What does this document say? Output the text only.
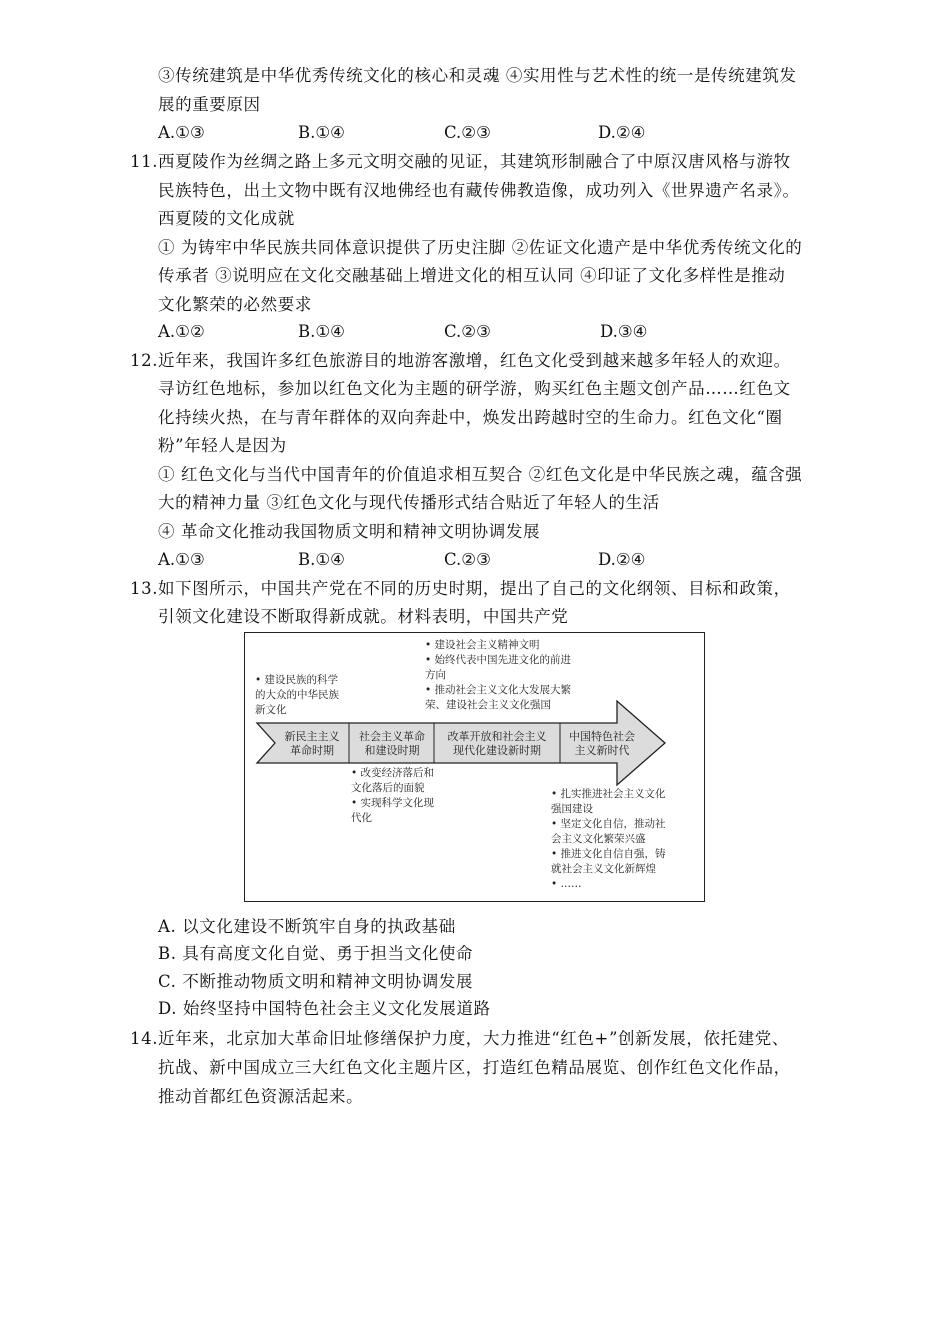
③传统建筑是中华优秀传统文化的核心和灵魂 ④实用性与艺术性的统一是传统建筑发
展的重要原因
A.①③	B.①④	C.②③	D.②④
11. 西夏陵作为丝绸之路上多元文明交融的见证，其建筑形制融合了中原汉唐风格与游牧
民族特色，出土文物中既有汉地佛经也有藏传佛教造像，成功列入《世界遗产名录》。
西夏陵的文化成就
① 为铸牢中华民族共同体意识提供了历史注脚 ②佐证文化遗产是中华优秀传统文化的
传承者 ③说明应在文化交融基础上增进文化的相互认同 ④印证了文化多样性是推动
文化繁荣的必然要求
A.①②	B.①④	C.②③	D.③④
12. 近年来，我国许多红色旅游目的地游客激增，红色文化受到越来越多年轻人的欢迎。
寻访红色地标，参加以红色文化为主题的研学游，购买红色主题文创产品……红色文
化持续火热，在与青年群体的双向奔赴中，焕发出跨越时空的生命力。红色文化“圈
粉”年轻人是因为
① 红色文化与当代中国青年的价值追求相互契合 ②红色文化是中华民族之魂，蕴含强
大的精神力量 ③红色文化与现代传播形式结合贴近了年轻人的生活
④ 革命文化推动我国物质文明和精神文明协调发展
A.①③	B.①④	C.②③	D.②④
13. 如下图所示，中国共产党在不同的历史时期，提出了自己的文化纲领、目标和政策，
引领文化建设不断取得新成就。材料表明，中国共产党
新民主主义
革命时期
社会主义革命
和建设时期
改革开放和社会主义
现代化建设新时期
中国特色社会
主义新时代
• 建设民族的科学
的大众的中华民族
新文化
• 建设社会主义精神文明
• 始终代表中国先进文化的前进
方向
• 推动社会主义文化大发展大繁
荣、建设社会主义文化强国
• 改变经济落后和
文化落后的面貌
• 实现科学文化现
代化
• 扎实推进社会主义文化
强国建设
• 坚定文化自信，推动社
会主义文化繁荣兴盛
• 推进文化自信自强，铸
就社会主义文化新辉煌
• ……
A. 以文化建设不断筑牢自身的执政基础
B. 具有高度文化自觉、勇于担当文化使命
C. 不断推动物质文明和精神文明协调发展
D. 始终坚持中国特色社会主义文化发展道路
14. 近年来，北京加大革命旧址修缮保护力度，大力推进“红色+”创新发展，依托建党、
抗战、新中国成立三大红色文化主题片区，打造红色精品展览、创作红色文化作品，
推动首都红色资源活起来。
